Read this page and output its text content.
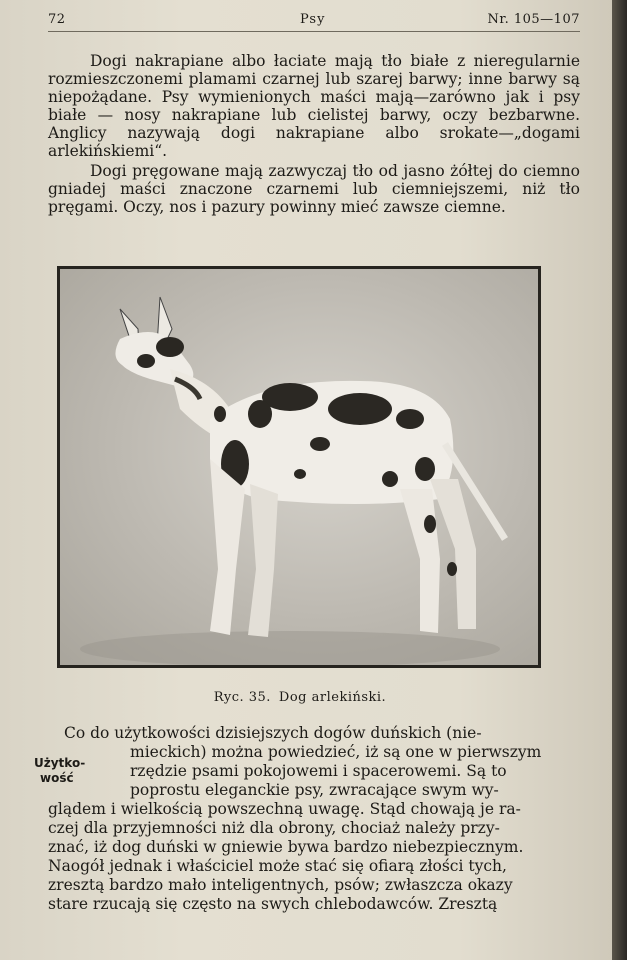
72	Psy	Nr. 105—107

Dogi nakrapiane albo łaciate mają tło białe z nieregularnie rozmieszczonemi plamami czarnej lub szarej barwy; inne barwy są niepożądane. Psy wymienionych maści mają—zarówno jak i psy białe — nosy nakrapiane lub cielistej barwy, oczy bezbarwne. Anglicy nazywają dogi nakrapiane albo srokate—„dogami arlekińskiemi“.

Dogi pręgowane mają zazwyczaj tło od jasno żółtej do ciemno gniadej maści znaczone czarnemi lub ciemniejszemi, niż tło pręgami. Oczy, nos i pazury powinny mieć zawsze ciemne.

Ryc. 35. Dog arlekiński.
Użytko-
wość
Co do użytkowości dzisiejszych dogów duńskich (nie-
mieckich) można powiedzieć, iż są one w pierwszym
rzędzie psami pokojowemi i spacerowemi. Są to
poprostu eleganckie psy, zwracające swym wy-
glądem i wielkością powszechną uwagę. Stąd chowają je ra-
czej dla przyjemności niż dla obrony, chociaż należy przy-
znać, iż dog duński w gniewie bywa bardzo niebezpiecznym.
Naogół jednak i właściciel może stać się ofiarą złości tych,
zresztą bardzo mało inteligentnych, psów; zwłaszcza okazy
stare rzucają się często na swych chlebodawców. Zresztą
